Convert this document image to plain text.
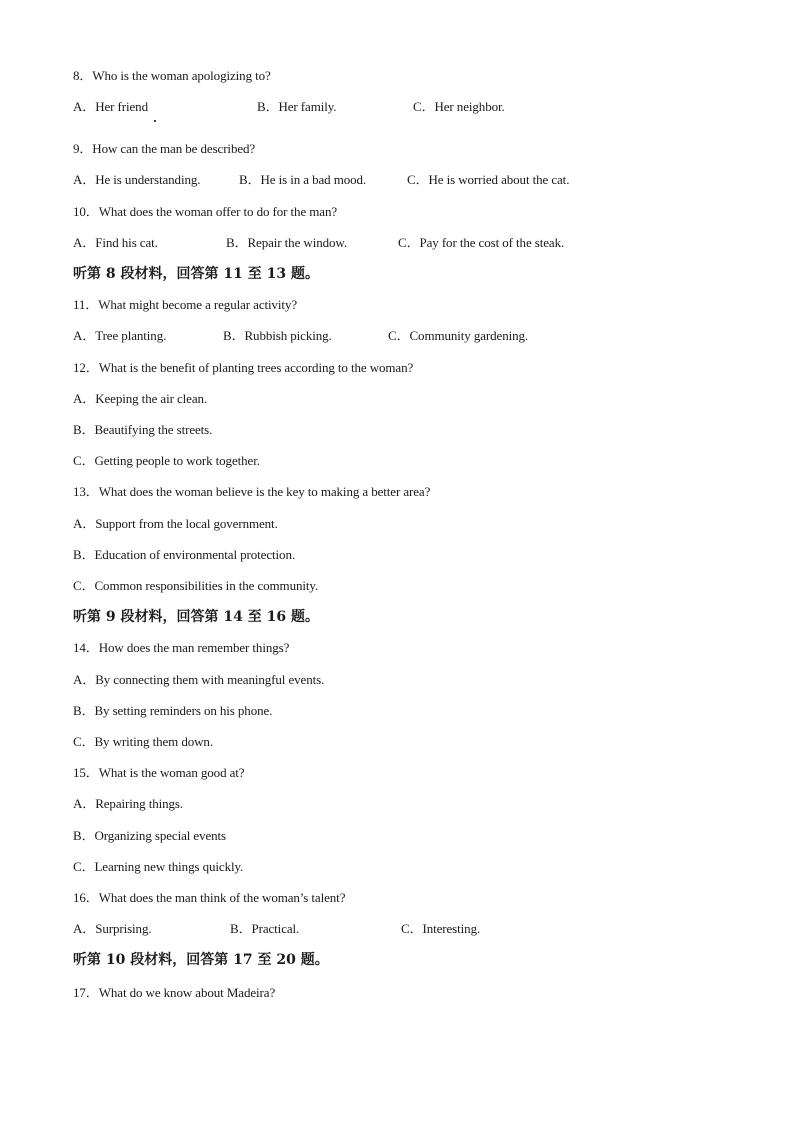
8．Who is the woman apologizing to?
A．Her friend	B．Her family.	C．Her neighbor.
9．How can the man be described?
A．He is understanding.	B．He is in a bad mood.	C．He is worried about the cat.
10．What does the woman offer to do for the man?
A．Find his cat.	B．Repair the window.	C．Pay for the cost of the steak.
听第 8 段材料，回答第 11 至 13 题。
11．What might become a regular activity?
A．Tree planting.	B．Rubbish picking.	C．Community gardening.
12．What is the benefit of planting trees according to the woman?
A．Keeping the air clean.
B．Beautifying the streets.
C．Getting people to work together.
13．What does the woman believe is the key to making a better area?
A．Support from the local government.
B．Education of environmental protection.
C．Common responsibilities in the community.
听第 9 段材料，回答第 14 至 16 题。
14．How does the man remember things?
A．By connecting them with meaningful events.
B．By setting reminders on his phone.
C．By writing them down.
15．What is the woman good at?
A．Repairing things.
B．Organizing special events
C．Learning new things quickly.
16．What does the man think of the woman’s talent?
A．Surprising.	B．Practical.	C．Interesting.
听第 10 段材料，回答第 17 至 20 题。
17．What do we know about Madeira?
